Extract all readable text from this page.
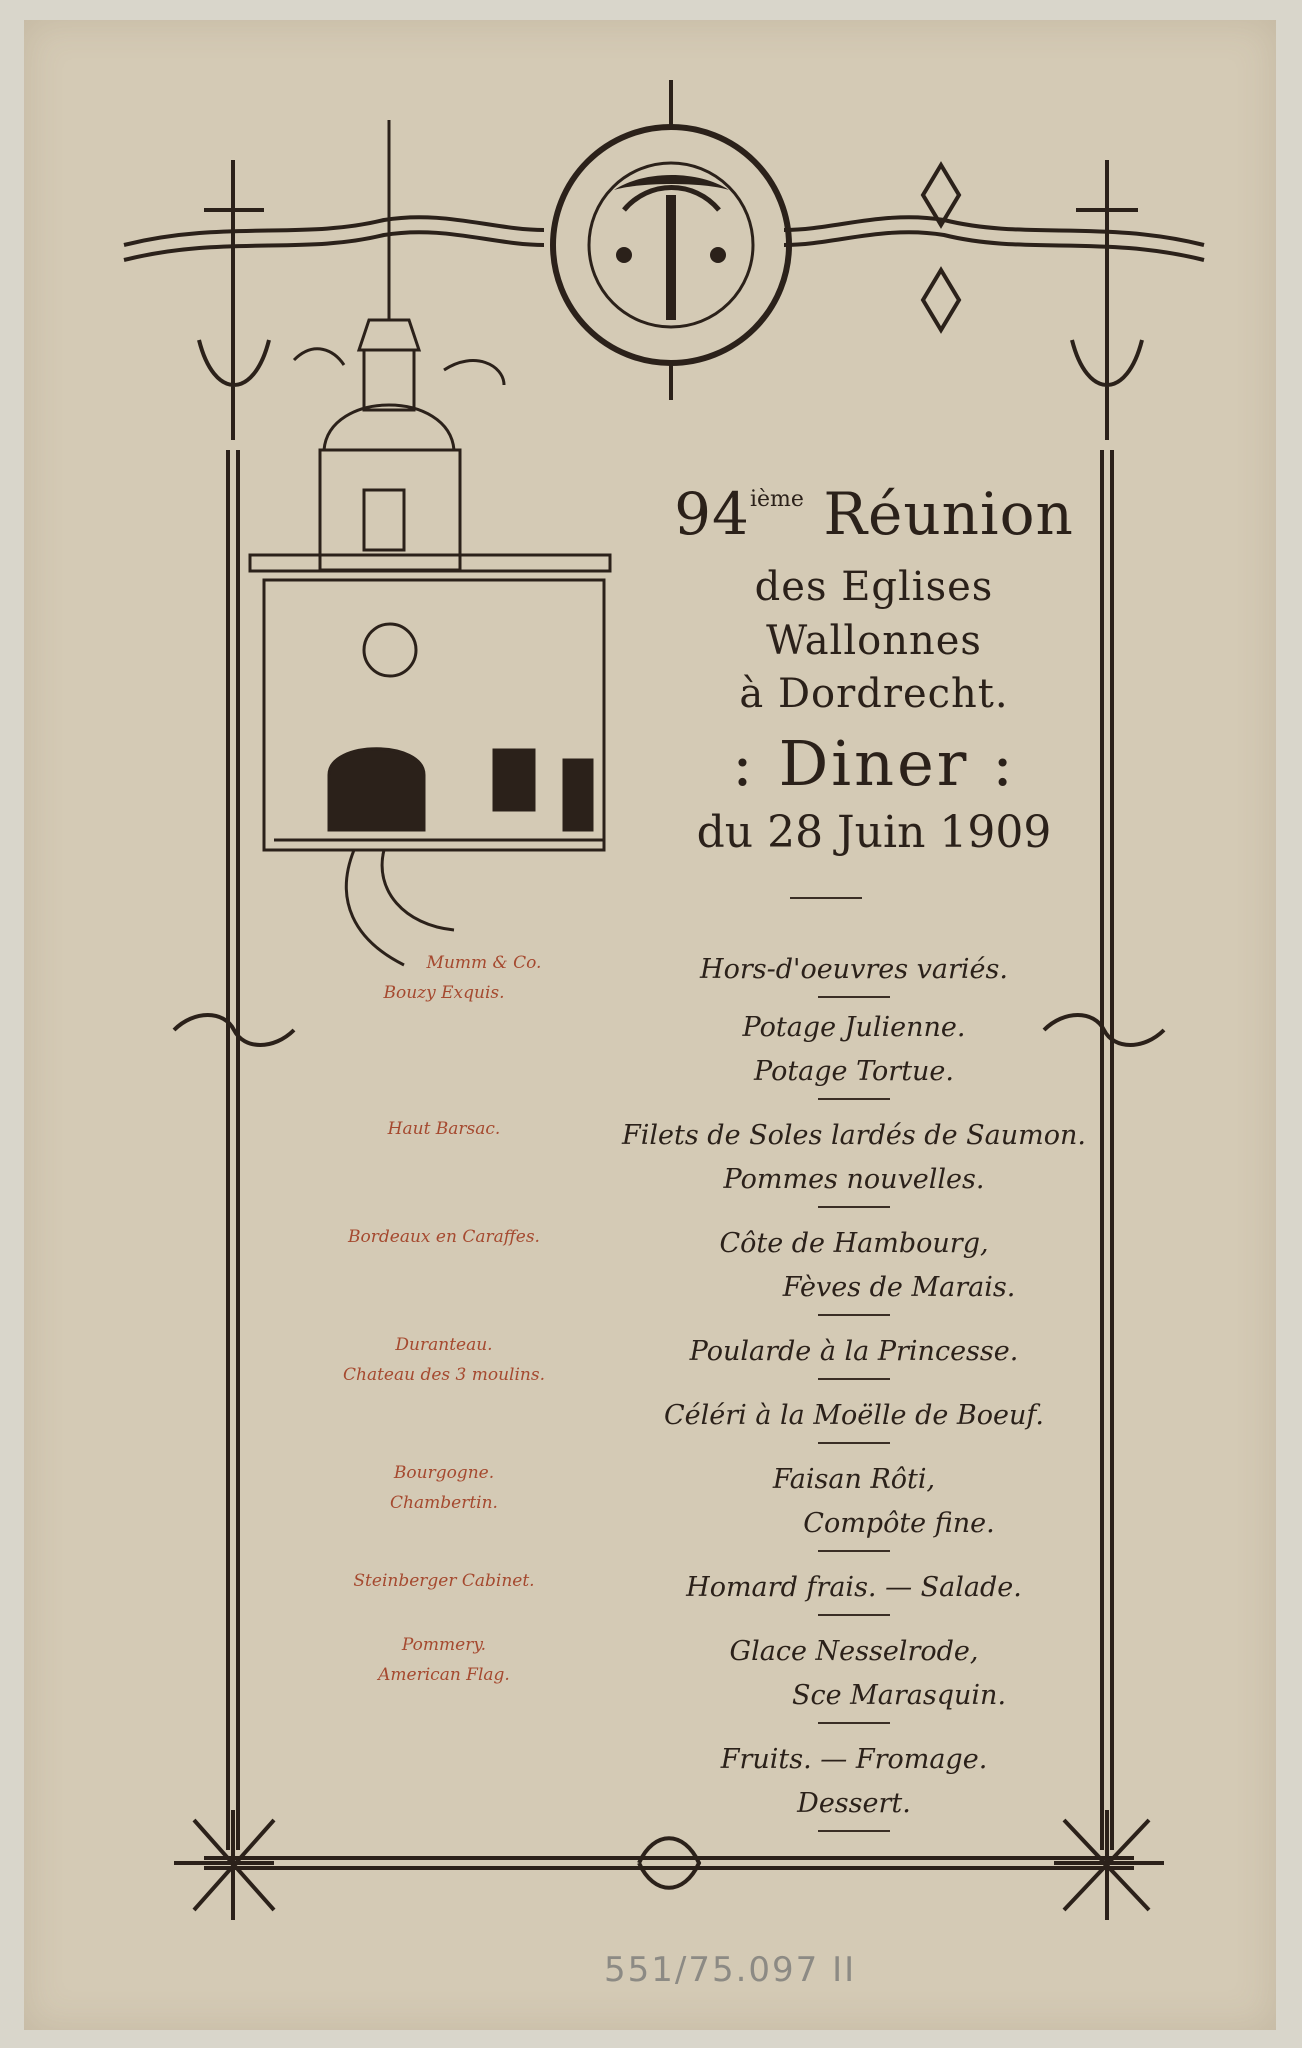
94ième Réunion
des Eglises Wallonnes
à Dordrecht.
: Diner :
du 28 Juin 1909
Hors-d'oeuvres variés.
Potage Julienne.
Potage Tortue.
Filets de Soles lardés de Saumon.
Pommes nouvelles.
Côte de Hambourg,
Fèves de Marais.
Poularde à la Princesse.
Céléri à la Moëlle de Boeuf.
Faisan Rôti,
Compôte fine.
Homard frais. — Salade.
Glace Nesselrode,
Sce Marasquin.
Fruits. — Fromage.
Dessert.
Mumm & Co.
Bouzy Exquis.
Haut Barsac.
Bordeaux en Caraffes.
Duranteau.
Chateau des 3 moulins.
Bourgogne.
Chambertin.
Steinberger Cabinet.
Pommery.
American Flag.
551/75.097 II
